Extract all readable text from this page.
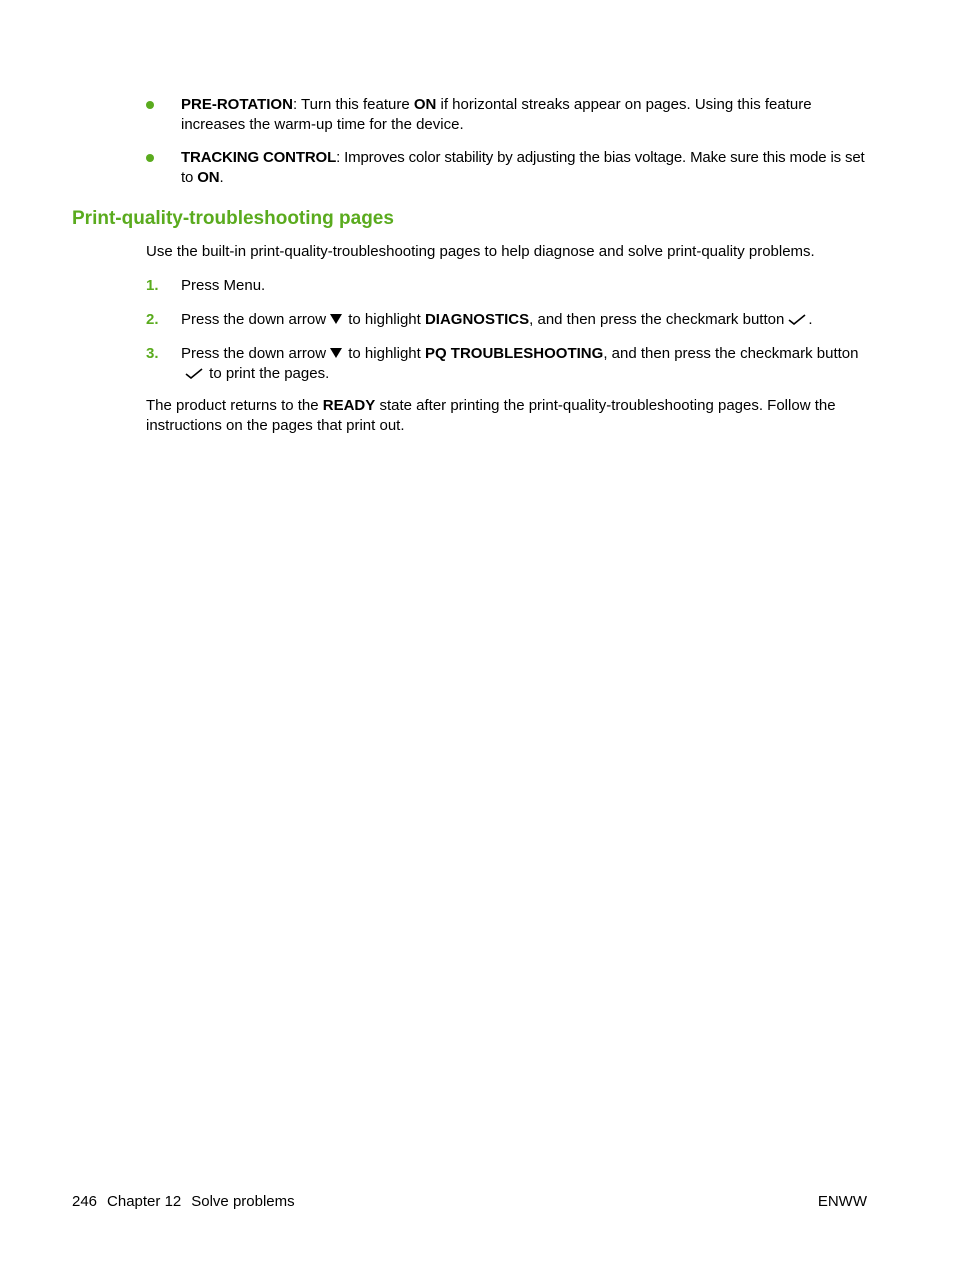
PRE-ROTATION: Turn this feature ON if horizontal streaks appear on pages. Using this feature increases the warm-up time for the device.
TRACKING CONTROL: Improves color stability by adjusting the bias voltage. Make sure this mode is set to ON.
Print-quality-troubleshooting pages

Use the built-in print-quality-troubleshooting pages to help diagnose and solve print-quality problems.

1. Press Menu.
2. Press the down arrow to highlight DIAGNOSTICS, and then press the checkmark button .
3. Press the down arrow to highlight PQ TROUBLESHOOTING, and then press the checkmark button to print the pages.

The product returns to the READY state after printing the print-quality-troubleshooting pages. Follow the instructions on the pages that print out.

246 Chapter 12 Solve problems	ENWW
